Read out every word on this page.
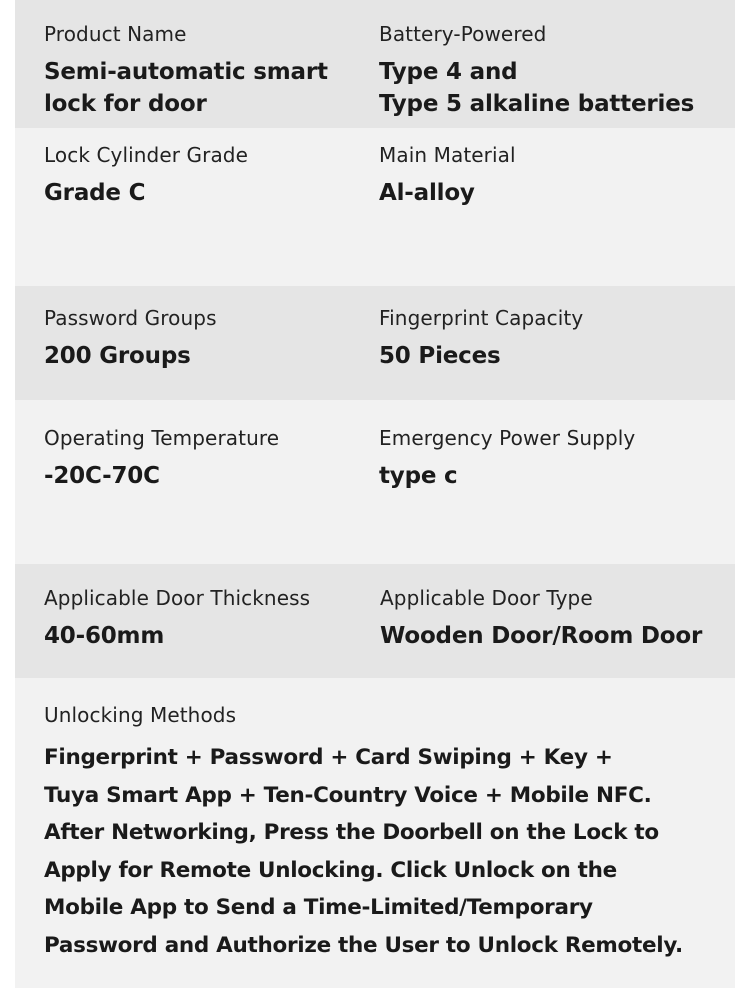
Product Name
Semi-automatic smart
lock for door
Battery-Powered
Type 4 and
Type 5 alkaline batteries
Lock Cylinder Grade
Grade C
Main Material
Al-alloy
Password Groups
200 Groups
Fingerprint Capacity
50 Pieces
Operating Temperature
-20C-70C
Emergency Power Supply
type c
Applicable Door Thickness
40-60mm
Applicable Door Type
Wooden Door/Room Door
Unlocking Methods
Fingerprint + Password + Card Swiping + Key +
Tuya Smart App + Ten-Country Voice + Mobile NFC.
After Networking, Press the Doorbell on the Lock to
Apply for Remote Unlocking. Click Unlock on the
Mobile App to Send a Time-Limited/Temporary
Password and Authorize the User to Unlock Remotely.
